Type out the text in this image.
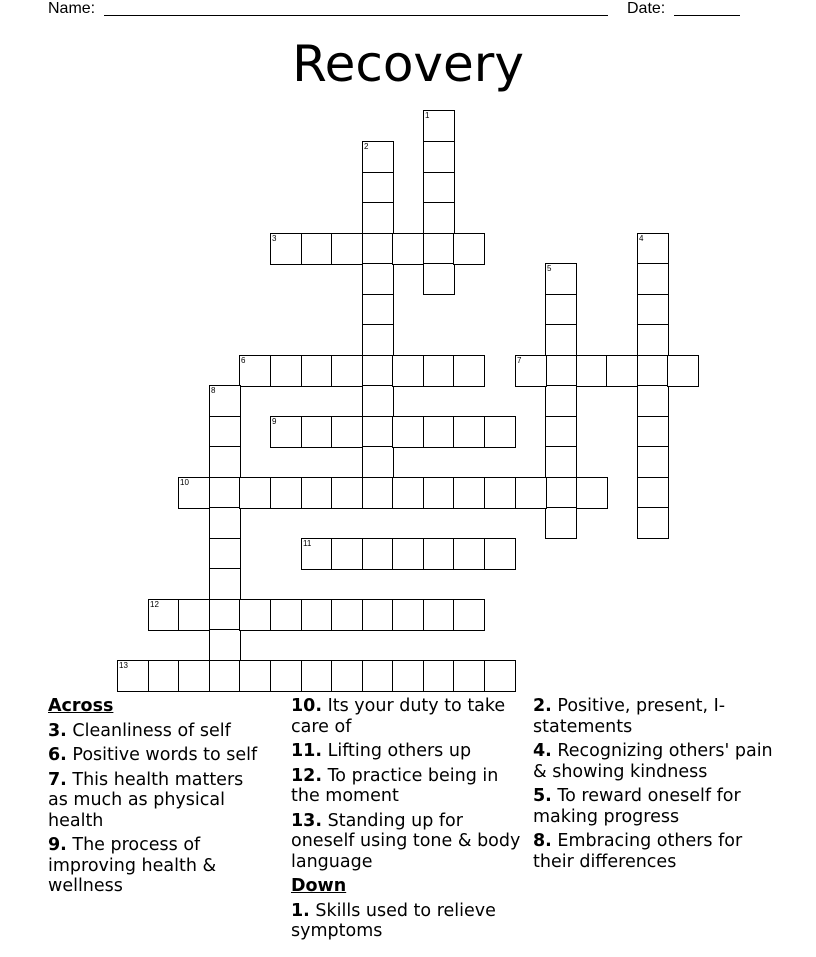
Name:	Date:
Recovery
1
2
3	4
5
6	7
8
9
10
11
12
13
Across
3. Cleanliness of self
6. Positive words to self
7. This health matters as much as physical health
9. The process of improving health & wellness
10. Its your duty to take care of
11. Lifting others up
12. To practice being in the moment
13. Standing up for oneself using tone & body language
Down
1. Skills used to relieve symptoms
2. Positive, present, I-statements
4. Recognizing others' pain & showing kindness
5. To reward oneself for making progress
8. Embracing others for their differences
